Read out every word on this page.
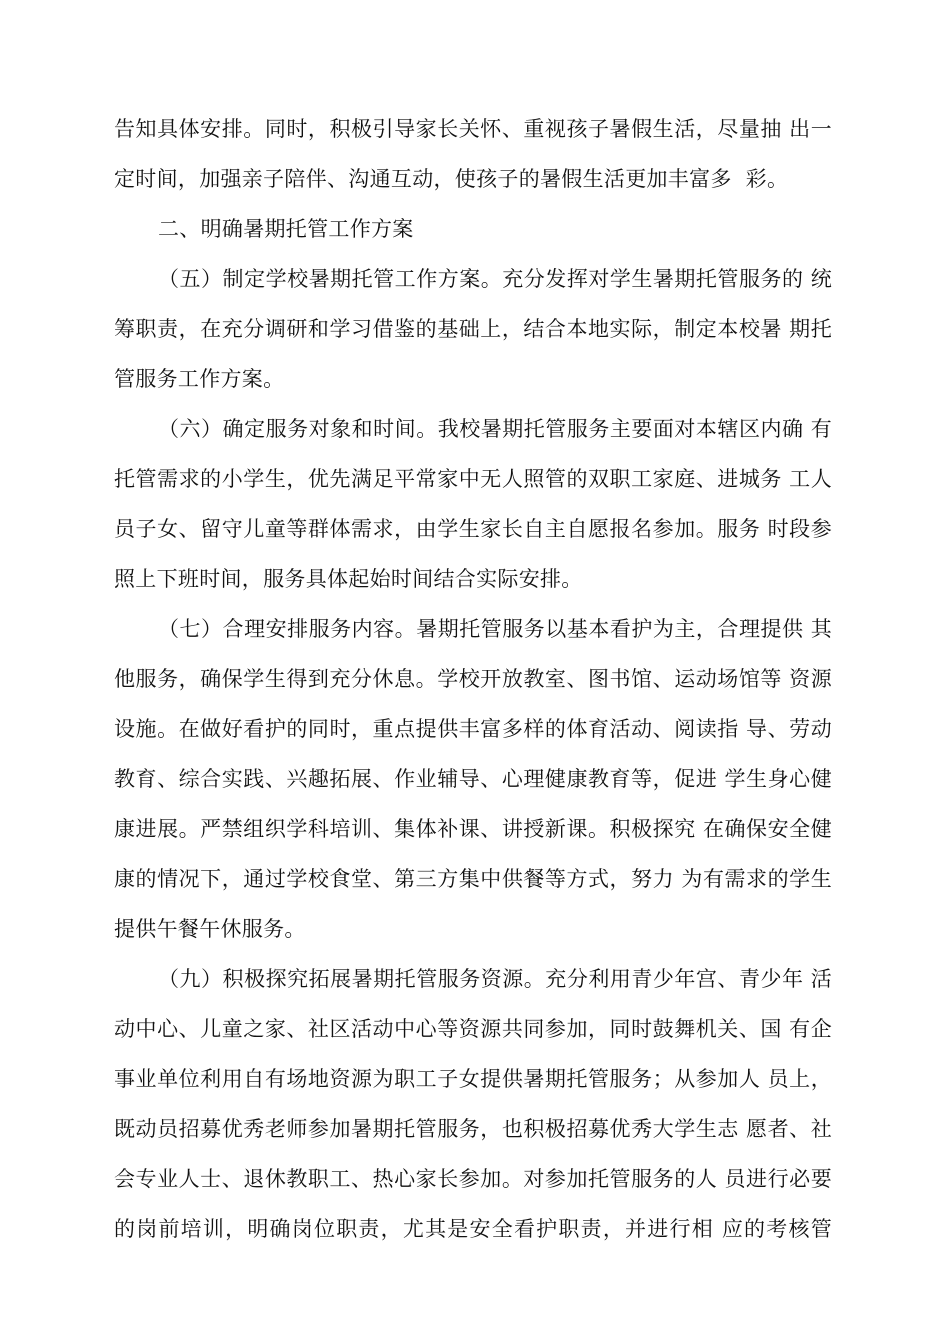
告知具体安排。同时，积极引导家长关怀、重视孩子暑假生活，尽量抽 出一
定时间，加强亲子陪伴、沟通互动，使孩子的暑假生活更加丰富多  彩。
二、明确暑期托管工作方案
（五）制定学校暑期托管工作方案。充分发挥对学生暑期托管服务的 统
筹职责，在充分调研和学习借鉴的基础上，结合本地实际，制定本校暑 期托
管服务工作方案。
（六）确定服务对象和时间。我校暑期托管服务主要面对本辖区内确 有
托管需求的小学生，优先满足平常家中无人照管的双职工家庭、进城务 工人
员子女、留守儿童等群体需求，由学生家长自主自愿报名参加。服务 时段参
照上下班时间，服务具体起始时间结合实际安排。
（七）合理安排服务内容。暑期托管服务以基本看护为主，合理提供 其
他服务，确保学生得到充分休息。学校开放教室、图书馆、运动场馆等 资源
设施。在做好看护的同时，重点提供丰富多样的体育活动、阅读指 导、劳动
教育、综合实践、兴趣拓展、作业辅导、心理健康教育等，促进 学生身心健
康进展。严禁组织学科培训、集体补课、讲授新课。积极探究 在确保安全健
康的情况下，通过学校食堂、第三方集中供餐等方式，努力 为有需求的学生
提供午餐午休服务。
（九）积极探究拓展暑期托管服务资源。充分利用青少年宫、青少年 活
动中心、儿童之家、社区活动中心等资源共同参加，同时鼓舞机关、国 有企
事业单位利用自有场地资源为职工子女提供暑期托管服务；从参加人 员上，
既动员招募优秀老师参加暑期托管服务，也积极招募优秀大学生志 愿者、社
会专业人士、退休教职工、热心家长参加。对参加托管服务的人 员进行必要
的岗前培训，明确岗位职责，尤其是安全看护职责，并进行相 应的考核管
